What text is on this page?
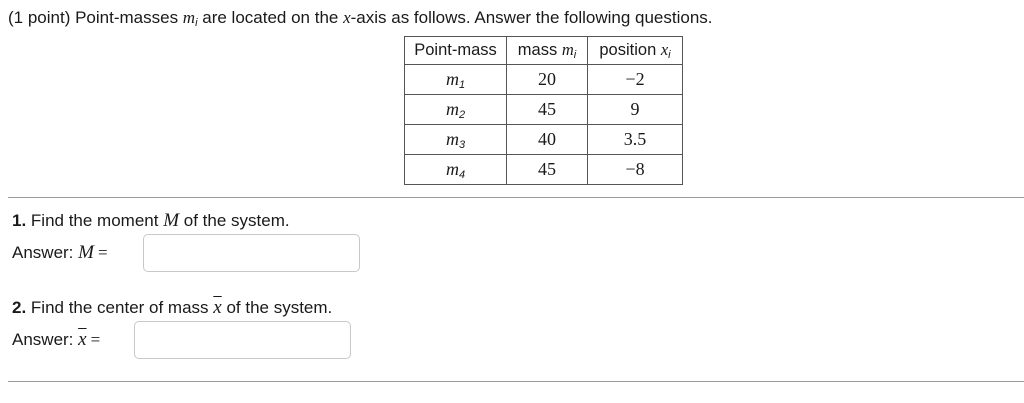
(1 point) Point-masses $m_i$ are located on the x-axis as follows. Answer the following questions.
Point-mass	mass $m_i$	position $x_i$
$m_1$	20	−2
$m_2$	45	9
$m_3$	40	3.5
$m_4$	45	−8
1. Find the moment M of the system.
Answer: M =
2. Find the center of mass $\overline{x}$ of the system.
Answer: $\overline{x}$ =
